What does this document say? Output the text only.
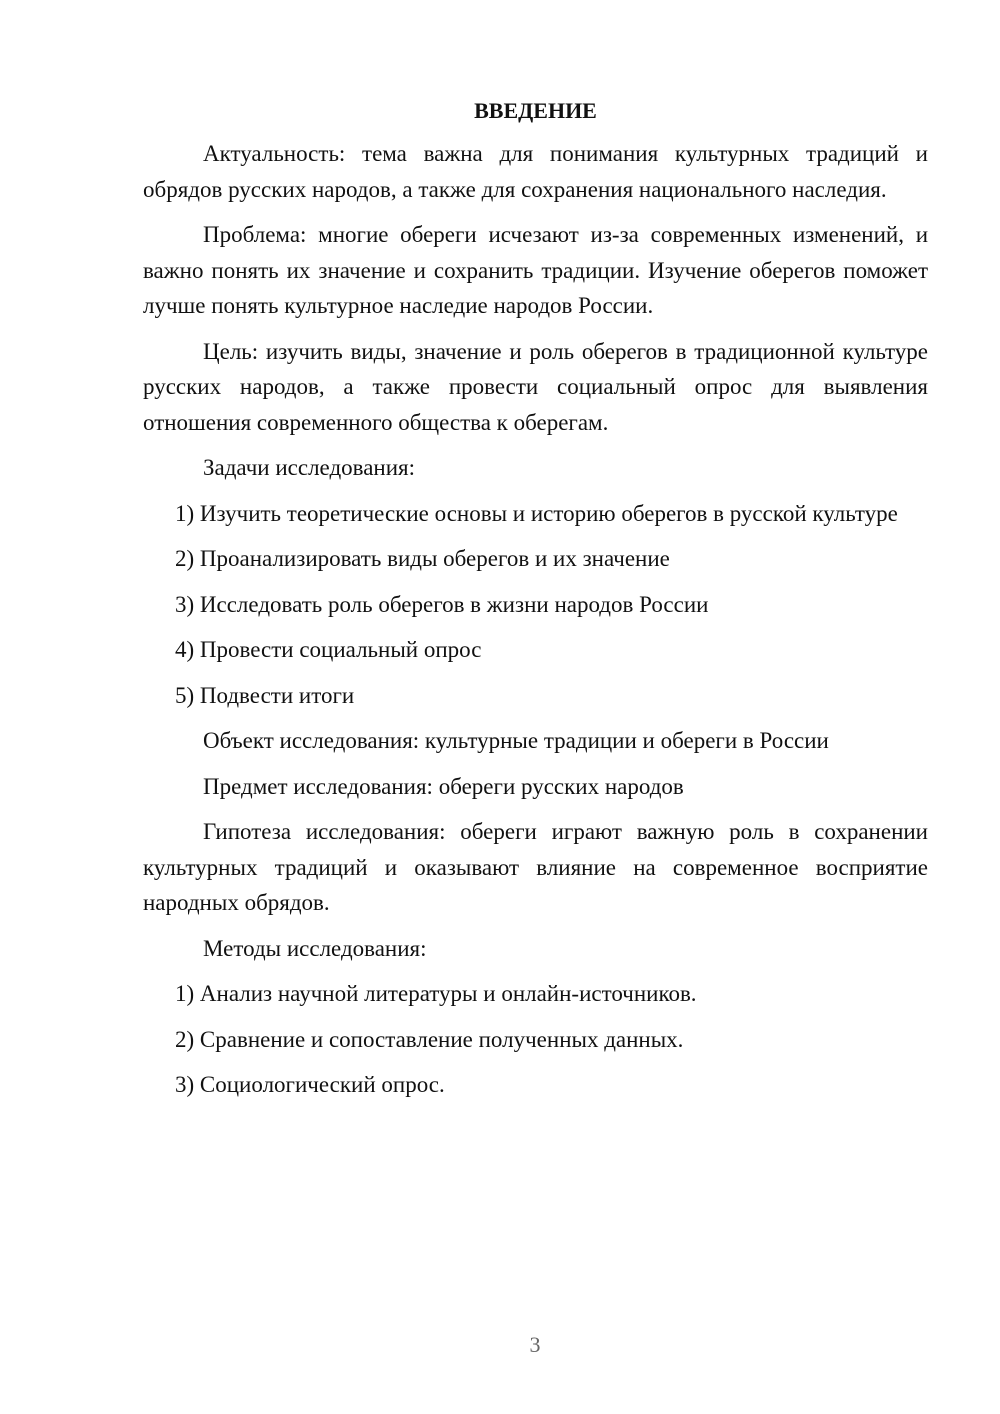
ВВЕДЕНИЕ

Актуальность: тема важна для понимания культурных традиций и обрядов русских народов, а также для сохранения национального наследия.

Проблема: многие обереги исчезают из-за современных изменений, и важно понять их значение и сохранить традиции. Изучение оберегов поможет лучше понять культурное наследие народов России.

Цель: изучить виды, значение и роль оберегов в традиционной культуре русских народов, а также провести социальный опрос для выявления отношения современного общества к оберегам.

Задачи исследования:

1) Изучить теоретические основы и историю оберегов в русской культуре

2) Проанализировать виды оберегов и их значение

3) Исследовать роль оберегов в жизни народов России

4) Провести социальный опрос

5) Подвести итоги

Объект исследования: культурные традиции и обереги в России

Предмет исследования: обереги русских народов

Гипотеза исследования: обереги играют важную роль в сохранении культурных традиций и оказывают влияние на современное восприятие народных обрядов.

Методы исследования:

1) Анализ научной литературы и онлайн-источников.

2) Сравнение и сопоставление полученных данных.

3) Социологический опрос.

3
